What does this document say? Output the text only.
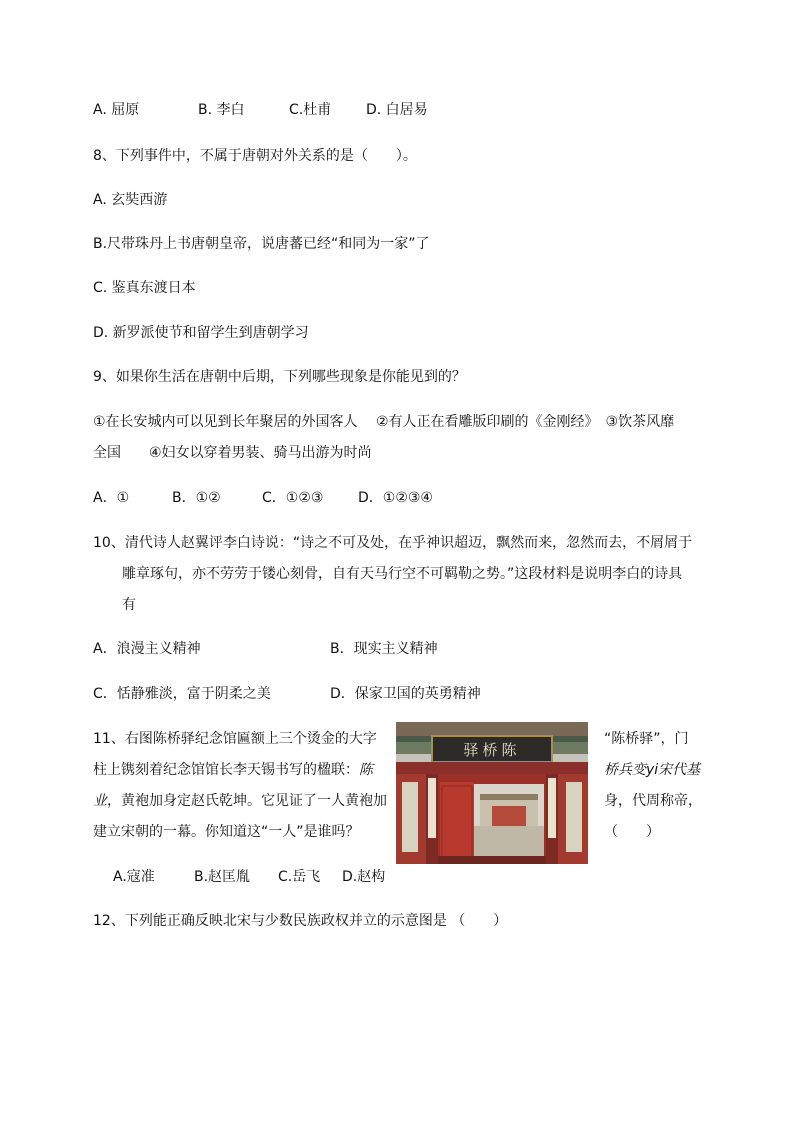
A. 屈原	B. 李白	C.杜甫 D. 白居易
8、下列事件中，不属于唐朝对外关系的是（　　）。
A. 玄奘西游
B.尺带珠丹上书唐朝皇帝，说唐蕃已经“和同为一家”了
C. 鉴真东渡日本
D. 新罗派使节和留学生到唐朝学习
9、如果你生活在唐朝中后期，下列哪些现象是你能见到的？
①在长安城内可以见到长年聚居的外国客人　 ②有人正在看雕版印刷的《金刚经》　③饮茶风靡
全国　　④妇女以穿着男装、骑马出游为时尚
A．①	B．①②	C．①②③ D．①②③④
10、清代诗人赵翼评李白诗说：“诗之不可及处，在乎神识超迈，飘然而来，忽然而去，不屑屑于
雕章琢句，亦不劳劳于镂心刻骨，自有天马行空不可羁勒之势。”这段材料是说明李白的诗具
有
A．浪漫主义精神	B．现实主义精神
C．恬静雅淡，富于阴柔之美	D．保家卫国的英勇精神
11、右图陈桥驿纪念馆匾额上三个烫金的大字	“陈桥驿”，门
柱上镌刻着纪念馆馆长李天锡书写的楹联：陈	桥兵变yi宋代基
业，黄袍加身定赵氏乾坤。它见证了一人黄袍加	身，代周称帝，
建立宋朝的一幕。你知道这“一人”是谁吗？	（　　）
驿桥陈
A.寇准	B.赵匡胤 C.岳飞 D.赵构
12、下列能正确反映北宋与少数民族政权并立的示意图是 （　　）
